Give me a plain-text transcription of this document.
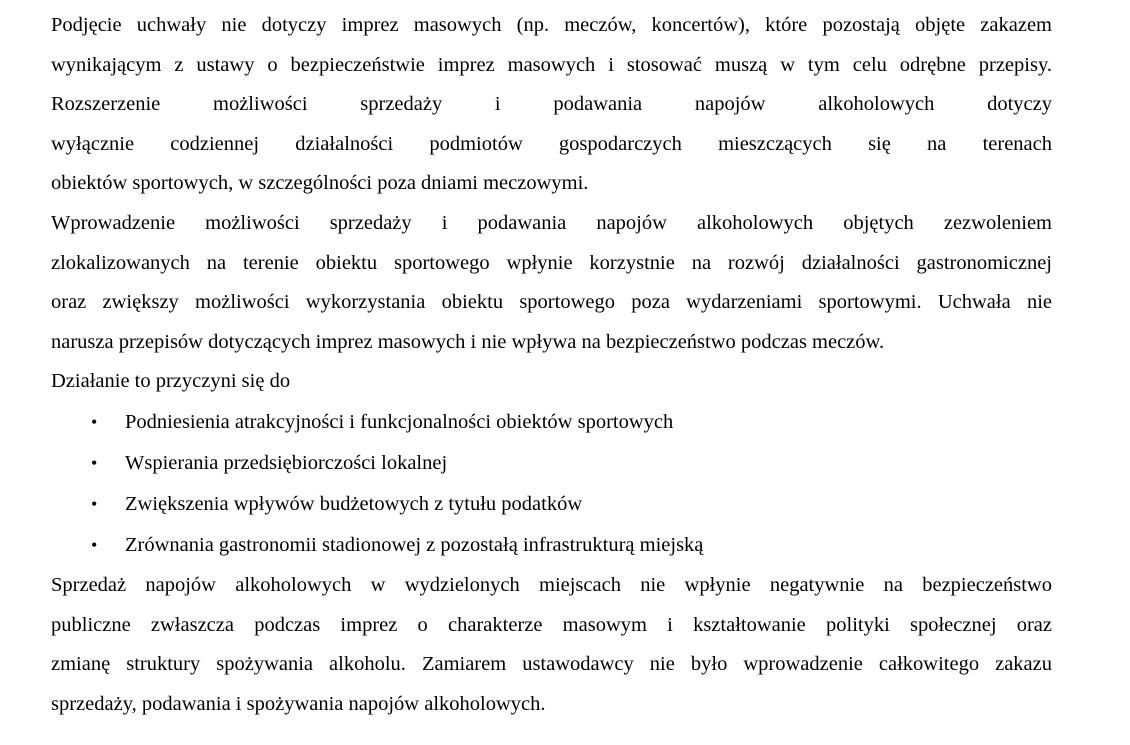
Podjęcie uchwały nie dotyczy imprez masowych (np. meczów, koncertów), które pozostają objęte zakazem
wynikającym z ustawy o bezpieczeństwie imprez masowych i stosować muszą w tym celu odrębne przepisy.
Rozszerzenie możliwości sprzedaży i podawania napojów alkoholowych dotyczy
wyłącznie codziennej działalności podmiotów gospodarczych mieszczących się na terenach
obiektów sportowych, w szczególności poza dniami meczowymi.
Wprowadzenie możliwości sprzedaży i podawania napojów alkoholowych objętych zezwoleniem
zlokalizowanych na terenie obiektu sportowego wpłynie korzystnie na rozwój działalności gastronomicznej
oraz zwiększy możliwości wykorzystania obiektu sportowego poza wydarzeniami sportowymi. Uchwała nie
narusza przepisów dotyczących imprez masowych i nie wpływa na bezpieczeństwo podczas meczów.
Działanie to przyczyni się do
• Podniesienia atrakcyjności i funkcjonalności obiektów sportowych
• Wspierania przedsiębiorczości lokalnej
• Zwiększenia wpływów budżetowych z tytułu podatków
• Zrównania gastronomii stadionowej z pozostałą infrastrukturą miejską
Sprzedaż napojów alkoholowych w wydzielonych miejscach nie wpłynie negatywnie na bezpieczeństwo
publiczne zwłaszcza podczas imprez o charakterze masowym i kształtowanie polityki społecznej oraz
zmianę struktury spożywania alkoholu. Zamiarem ustawodawcy nie było wprowadzenie całkowitego zakazu
sprzedaży, podawania i spożywania napojów alkoholowych.
